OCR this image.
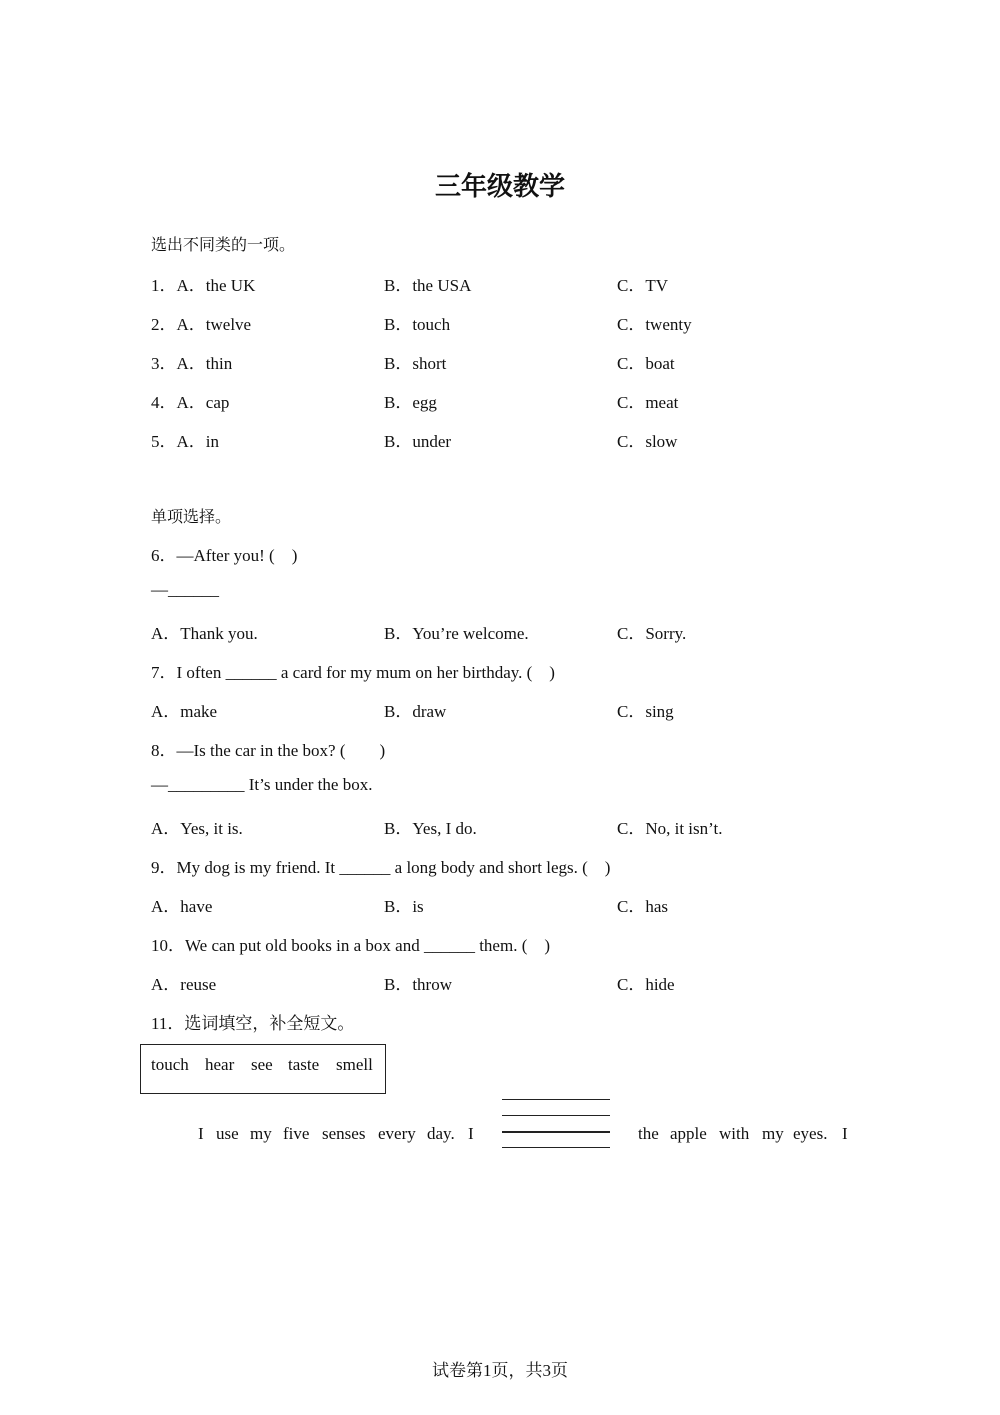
三年级教学
选出不同类的一项。
1．A．the UK	B．the USA	C．TV
2．A．twelve	B．touch	C．twenty
3．A．thin	B．short	C．boat
4．A．cap	B．egg	C．meat
5．A．in	B．under	C．slow
单项选择。
6．—After you! (　)
—______
A．Thank you.	B．You’re welcome.	C．Sorry.
7．I often ______ a card for my mum on her birthday. (　)
A．make	B．draw	C．sing
8．—Is the car in the box? (　　)
—_________ It’s under the box.
A．Yes, it is.	B．Yes, I do.	C．No, it isn’t.
9．My dog is my friend. It ______ a long body and short legs. (　)
A．have	B．is	C．has
10．We can put old books in a box and ______ them. (　)
A．reuse	B．throw	C．hide
11．选词填空，补全短文。
touch hear see taste smell
I use my five senses every day. I	the apple with my eyes. I
试卷第1页，共3页
